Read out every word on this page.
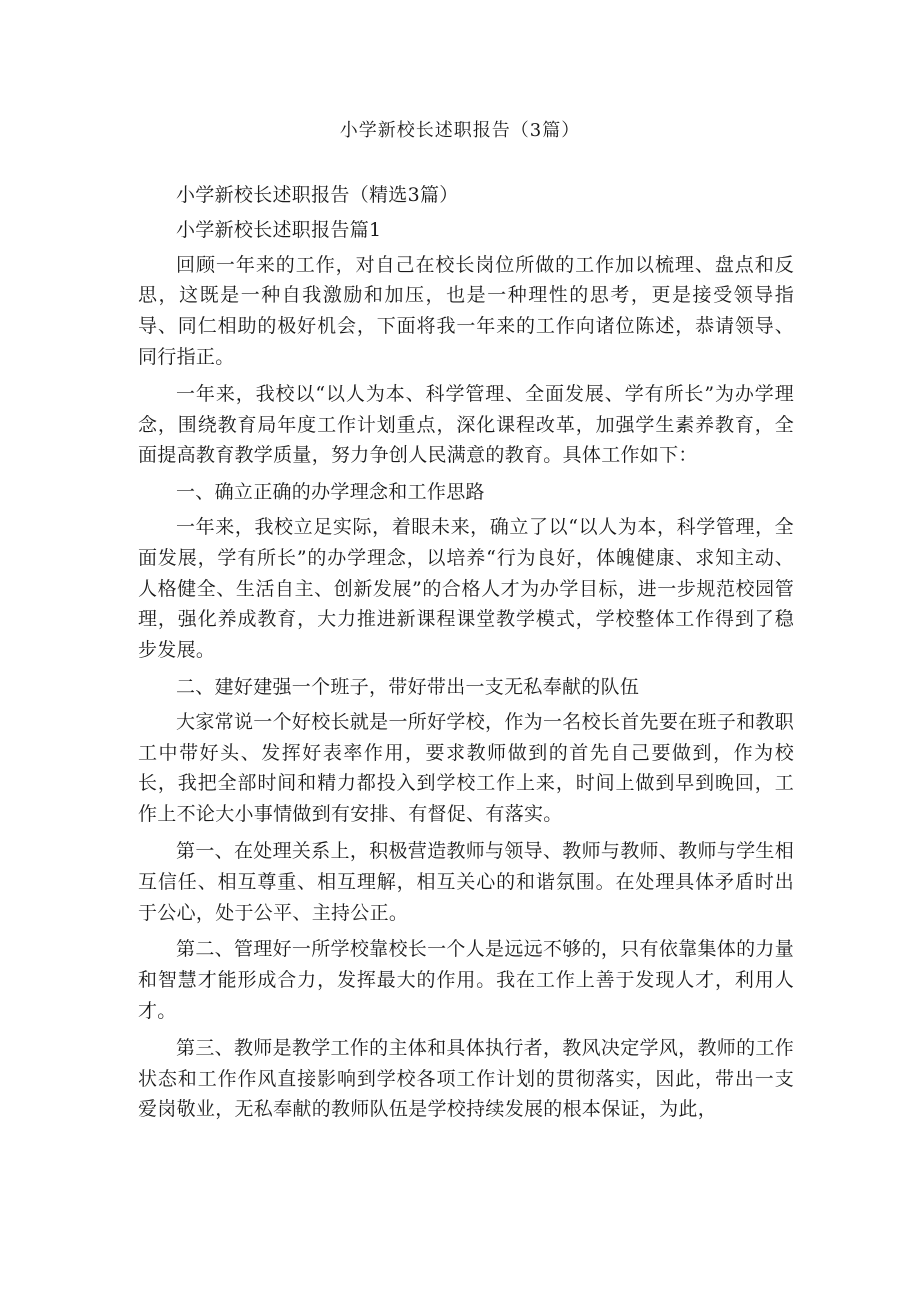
小学新校长述职报告（3篇）

小学新校长述职报告（精选3篇）

小学新校长述职报告篇1

回顾一年来的工作，对自己在校长岗位所做的工作加以梳理、盘点和反思，这既是一种自我激励和加压，也是一种理性的思考，更是接受领导指导、同仁相助的极好机会，下面将我一年来的工作向诸位陈述，恭请领导、同行指正。

一年来，我校以“以人为本、科学管理、全面发展、学有所长”为办学理念，围绕教育局年度工作计划重点，深化课程改革，加强学生素养教育，全面提高教育教学质量，努力争创人民满意的教育。具体工作如下：

一、确立正确的办学理念和工作思路

一年来，我校立足实际，着眼未来，确立了以“以人为本，科学管理，全面发展，学有所长”的办学理念，以培养“行为良好，体魄健康、求知主动、人格健全、生活自主、创新发展”的合格人才为办学目标，进一步规范校园管理，强化养成教育，大力推进新课程课堂教学模式，学校整体工作得到了稳步发展。

二、建好建强一个班子，带好带出一支无私奉献的队伍

大家常说一个好校长就是一所好学校，作为一名校长首先要在班子和教职工中带好头、发挥好表率作用，要求教师做到的首先自己要做到，作为校长，我把全部时间和精力都投入到学校工作上来，时间上做到早到晚回，工作上不论大小事情做到有安排、有督促、有落实。

第一、在处理关系上，积极营造教师与领导、教师与教师、教师与学生相互信任、相互尊重、相互理解，相互关心的和谐氛围。在处理具体矛盾时出于公心，处于公平、主持公正。

第二、管理好一所学校靠校长一个人是远远不够的，只有依靠集体的力量和智慧才能形成合力，发挥最大的作用。我在工作上善于发现人才，利用人才。

第三、教师是教学工作的主体和具体执行者，教风决定学风，教师的工作状态和工作作风直接影响到学校各项工作计划的贯彻落实，因此，带出一支爱岗敬业，无私奉献的教师队伍是学校持续发展的根本保证，为此，
